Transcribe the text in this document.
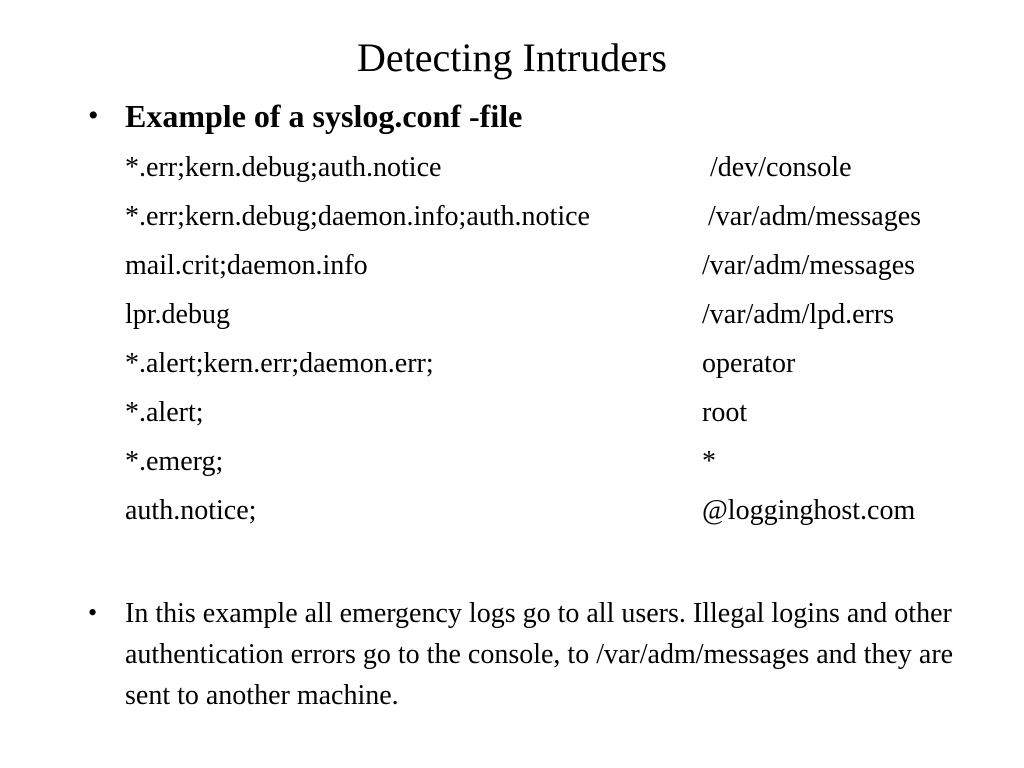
Detecting Intruders
• Example of a syslog.conf -file
*.err;kern.debug;auth.notice	/dev/console
*.err;kern.debug;daemon.info;auth.notice	/var/adm/messages
mail.crit;daemon.info	/var/adm/messages
lpr.debug	/var/adm/lpd.errs
*.alert;kern.err;daemon.err;	operator
*.alert;	root
*.emerg;	*
auth.notice;	@logginghost.com
• In this example all emergency logs go to all users. Illegal logins and other authentication errors go to the console, to /var/adm/messages and they are sent to another machine.
